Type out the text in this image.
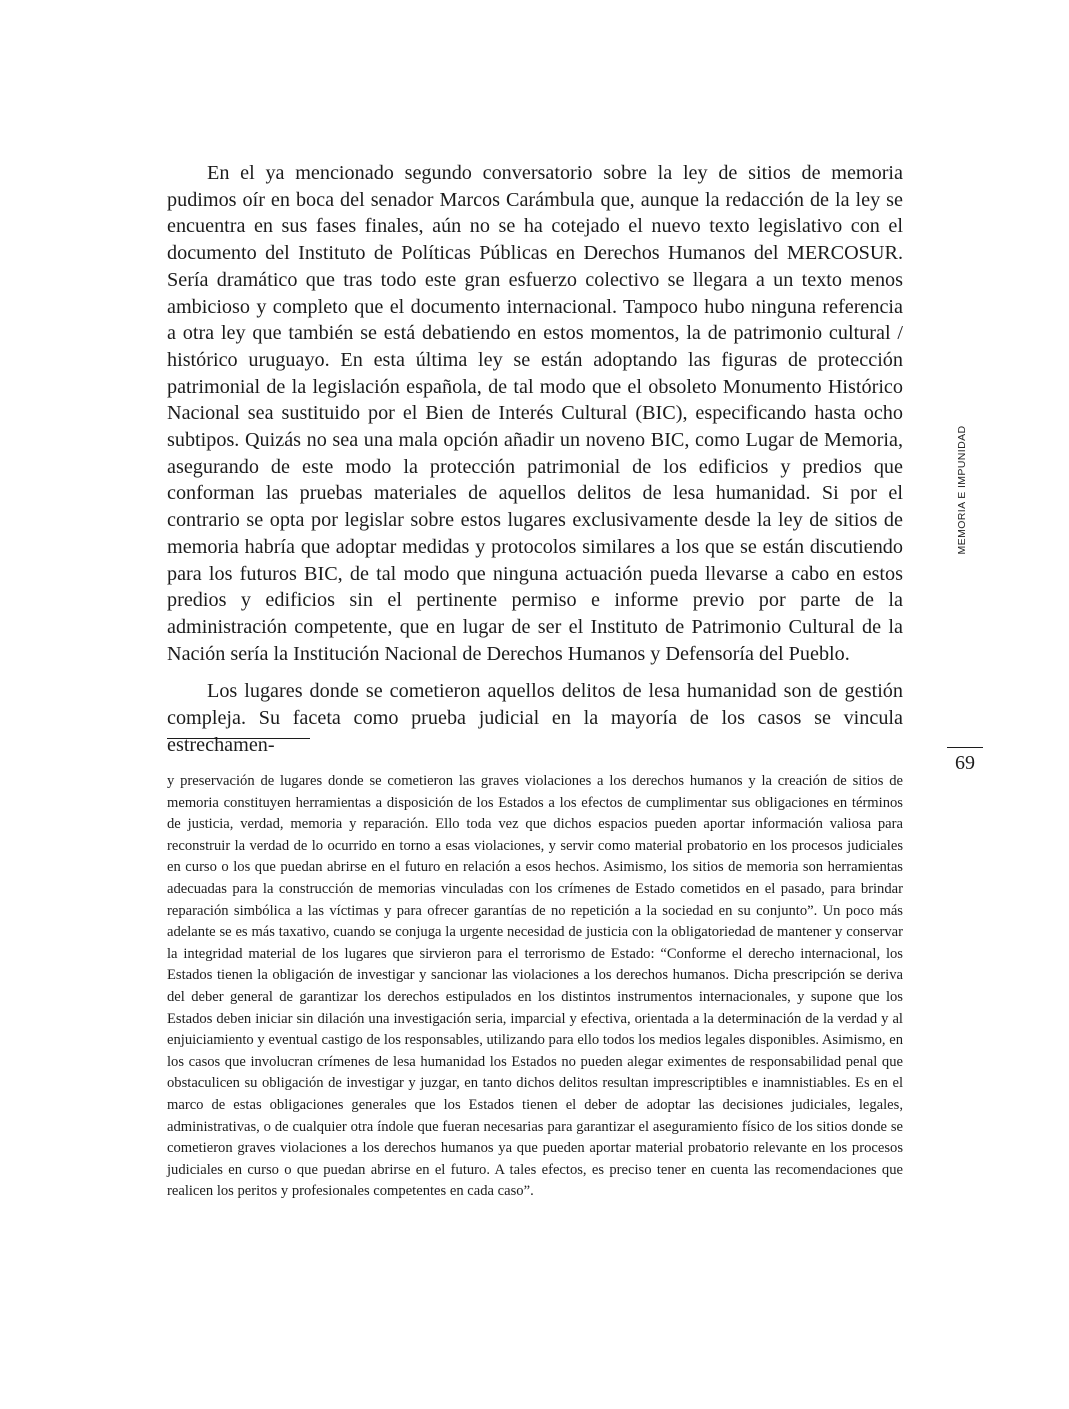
En el ya mencionado segundo conversatorio sobre la ley de sitios de memoria pudimos oír en boca del senador Marcos Carámbula que, aunque la redacción de la ley se encuentra en sus fases finales, aún no se ha cotejado el nuevo texto legislativo con el documento del Instituto de Políticas Públicas en Derechos Humanos del MERCOSUR. Sería dramático que tras todo este gran esfuerzo colectivo se llegara a un texto menos ambicioso y completo que el documento internacional. Tampoco hubo ninguna referencia a otra ley que también se está debatiendo en estos momentos, la de patrimonio cultural / histórico uruguayo. En esta última ley se están adoptando las figuras de protección patrimonial de la legislación española, de tal modo que el obsoleto Monumento Histórico Nacional sea sustituido por el Bien de Interés Cultural (BIC), especificando hasta ocho subtipos. Quizás no sea una mala opción añadir un noveno BIC, como Lugar de Memoria, asegurando de este modo la protección patrimonial de los edificios y predios que conforman las pruebas materiales de aquellos delitos de lesa humanidad. Si por el contrario se opta por legislar sobre estos lugares exclusivamente desde la ley de sitios de memoria habría que adoptar medidas y protocolos similares a los que se están discutiendo para los futuros BIC, de tal modo que ninguna actuación pueda llevarse a cabo en estos predios y edificios sin el pertinente permiso e informe previo por parte de la administración competente, que en lugar de ser el Instituto de Patrimonio Cultural de la Nación sería la Institución Nacional de Derechos Humanos y Defensoría del Pueblo.

Los lugares donde se cometieron aquellos delitos de lesa humanidad son de gestión compleja. Su faceta como prueba judicial en la mayoría de los casos se vincula estrechamen-

y preservación de lugares donde se cometieron las graves violaciones a los derechos humanos y la creación de sitios de memoria constituyen herramientas a disposición de los Estados a los efectos de cumplimentar sus obligaciones en términos de justicia, verdad, memoria y reparación. Ello toda vez que dichos espacios pueden aportar información valiosa para reconstruir la verdad de lo ocurrido en torno a esas violaciones, y servir como material probatorio en los procesos judiciales en curso o los que puedan abrirse en el futuro en relación a esos hechos. Asimismo, los sitios de memoria son herramientas adecuadas para la construcción de memorias vinculadas con los crímenes de Estado cometidos en el pasado, para brindar reparación simbólica a las víctimas y para ofrecer garantías de no repetición a la sociedad en su conjunto”. Un poco más adelante se es más taxativo, cuando se conjuga la urgente necesidad de justicia con la obligatoriedad de mantener y conservar la integridad material de los lugares que sirvieron para el terrorismo de Estado: “Conforme el derecho internacional, los Estados tienen la obligación de investigar y sancionar las violaciones a los derechos humanos. Dicha prescripción se deriva del deber general de garantizar los derechos estipulados en los distintos instrumentos internacionales, y supone que los Estados deben iniciar sin dilación una investigación seria, imparcial y efectiva, orientada a la determinación de la verdad y al enjuiciamiento y eventual castigo de los responsables, utilizando para ello todos los medios legales disponibles. Asimismo, en los casos que involucran crímenes de lesa humanidad los Estados no pueden alegar eximentes de responsabilidad penal que obstaculicen su obligación de investigar y juzgar, en tanto dichos delitos resultan imprescriptibles e inamnistiables. Es en el marco de estas obligaciones generales que los Estados tienen el deber de adoptar las decisiones judiciales, legales, administrativas, o de cualquier otra índole que fueran necesarias para garantizar el aseguramiento físico de los sitios donde se cometieron graves violaciones a los derechos humanos ya que pueden aportar material probatorio relevante en los procesos judiciales en curso o que puedan abrirse en el futuro. A tales efectos, es preciso tener en cuenta las recomendaciones que realicen los peritos y profesionales competentes en cada caso”.

MEMORIA E IMPUNIDAD
69
